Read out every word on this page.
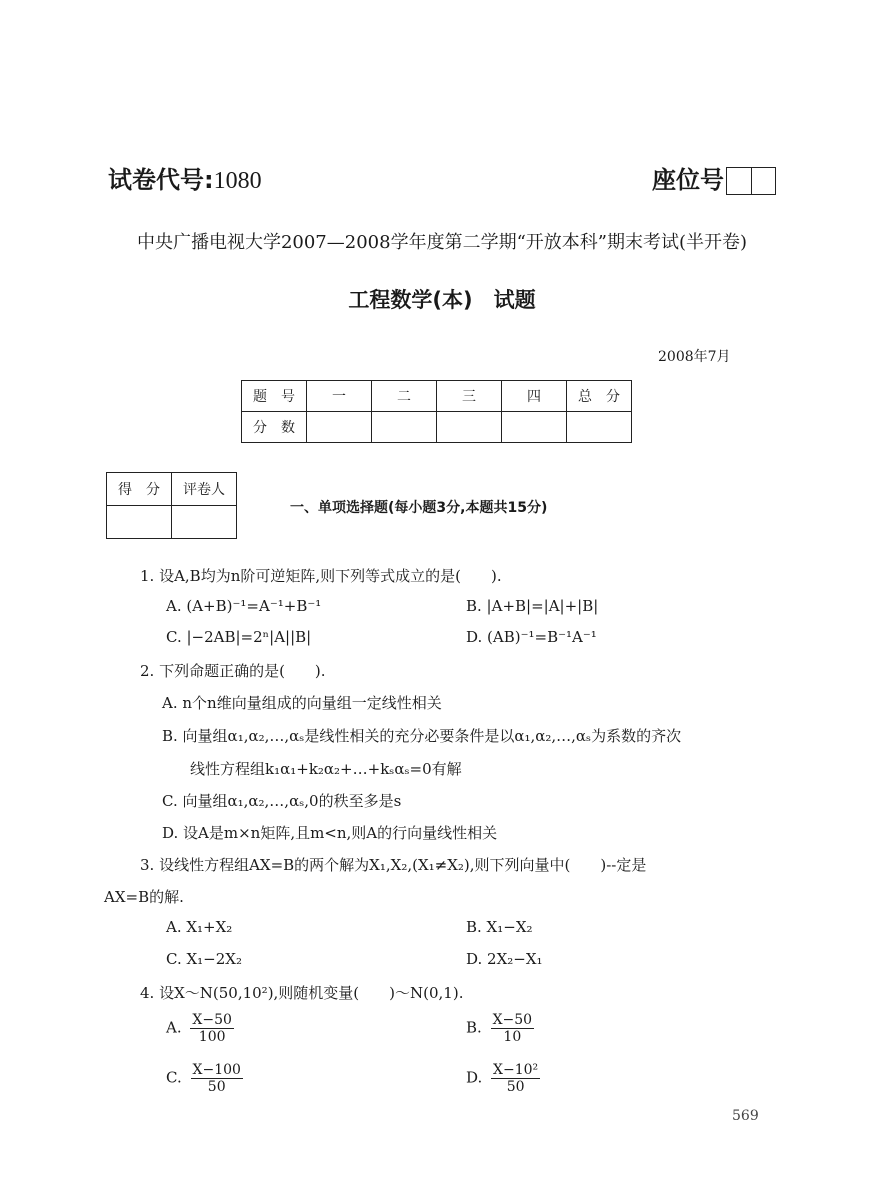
试卷代号:1080	座位号
中央广播电视大学2007—2008学年度第二学期“开放本科”期末考试(半开卷)
工程数学(本)　试题
2008年7月
题　号	一	二	三	四	总　分
分　数					
得　分	评卷人

一、单项选择题(每小题3分,本题共15分)
1. 设A,B均为n阶可逆矩阵,则下列等式成立的是(　　).
A. (A+B)⁻¹=A⁻¹+B⁻¹	B. |A+B|=|A|+|B|
C. |−2AB|=2ⁿ|A||B|	D. (AB)⁻¹=B⁻¹A⁻¹
2. 下列命题正确的是(　　).
A. n个n维向量组成的向量组一定线性相关
B. 向量组α₁,α₂,…,αₛ是线性相关的充分必要条件是以α₁,α₂,…,αₛ为系数的齐次
线性方程组k₁α₁+k₂α₂+…+kₛαₛ=0有解
C. 向量组α₁,α₂,…,αₛ,0的秩至多是s
D. 设A是m×n矩阵,且m<n,则A的行向量线性相关
3. 设线性方程组AX=B的两个解为X₁,X₂,(X₁≠X₂),则下列向量中(　　)--定是
AX=B的解.
A. X₁+X₂	B. X₁−X₂
C. X₁−2X₂	D. 2X₂−X₁
4. 设X～N(50,10²),则随机变量(　　)～N(0,1).
A. $\frac{X-50}{100}$	B. $\frac{X-50}{10}$
C. $\frac{X-100}{50}$	D. $\frac{\text{X−10²}}{50}$
569
